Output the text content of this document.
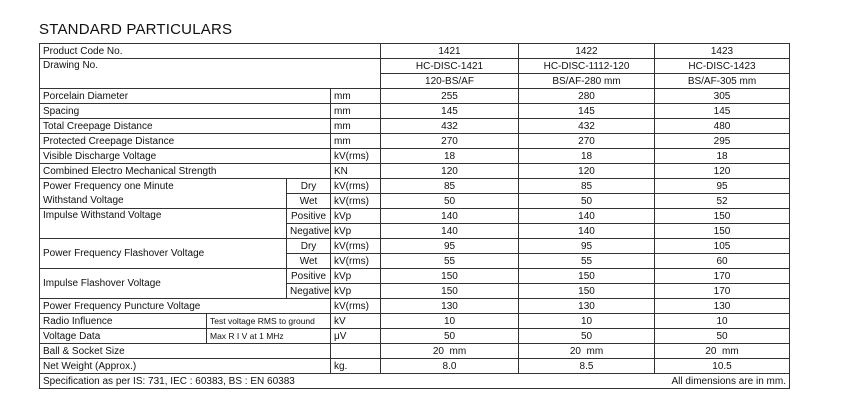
STANDARD PARTICULARS
Product Code No.				1421	1422	1423
Drawing No.				HC-DISC-1421	HC-DISC-1112-120	HC-DISC-1423
				120-BS/AF	BS/AF-280 mm	BS/AF-305 mm
Porcelain Diameter			mm	255	280	305
Spacing			mm	145	145	145
Total Creepage Distance			mm	432	432	480
Protected Creepage Distance			mm	270	270	295
Visible Discharge Voltage			kV(rms)	18	18	18
Combined Electro Mechanical Strength			KN	120	120	120
Power Frequency one Minute		Dry	kV(rms)	85	85	95
Withstand Voltage		Wet	kV(rms)	50	50	52
Impulse Withstand Voltage		Positive	kVp	140	140	150
		Negative	kVp	140	140	150
Power Frequency Flashover Voltage		Dry	kV(rms)	95	95	105
		Wet	kV(rms)	55	55	60
Impulse Flashover Voltage		Positive	kVp	150	150	170
		Negative	kVp	150	150	170
Power Frequency Puncture Voltage			kV(rms)	130	130	130
Radio Influence	Test voltage RMS to ground		kV	10	10	10
Voltage Data	Max R I V at 1 MHz		μV	50	50	50
Ball & Socket Size				20  mm	20  mm	20  mm
Net Weight (Approx.)			kg.	8.0	8.5	10.5

Specification as per IS: 731, IEC : 60383, BS : EN 60383 All dimensions are in mm.						
